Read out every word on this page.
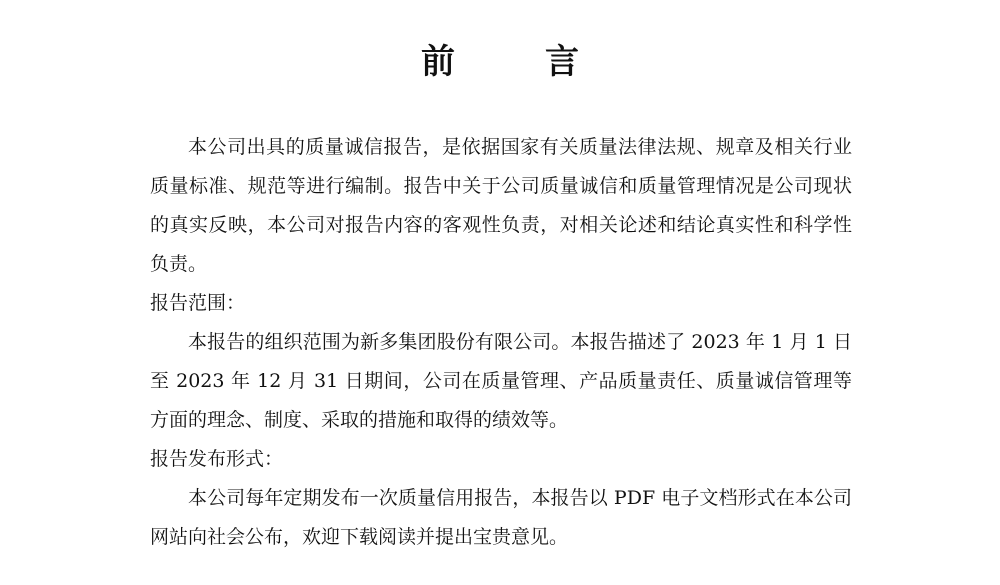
前　言

本公司出具的质量诚信报告，是依据国家有关质量法律法规、规章及相关行业质量标准、规范等进行编制。报告中关于公司质量诚信和质量管理情况是公司现状的真实反映，本公司对报告内容的客观性负责，对相关论述和结论真实性和科学性负责。

报告范围：

本报告的组织范围为新多集团股份有限公司。本报告描述了 2023 年 1 月 1 日至 2023 年 12 月 31 日期间，公司在质量管理、产品质量责任、质量诚信管理等方面的理念、制度、采取的措施和取得的绩效等。

报告发布形式：

本公司每年定期发布一次质量信用报告，本报告以 PDF 电子文档形式在本公司网站向社会公布，欢迎下载阅读并提出宝贵意见。
